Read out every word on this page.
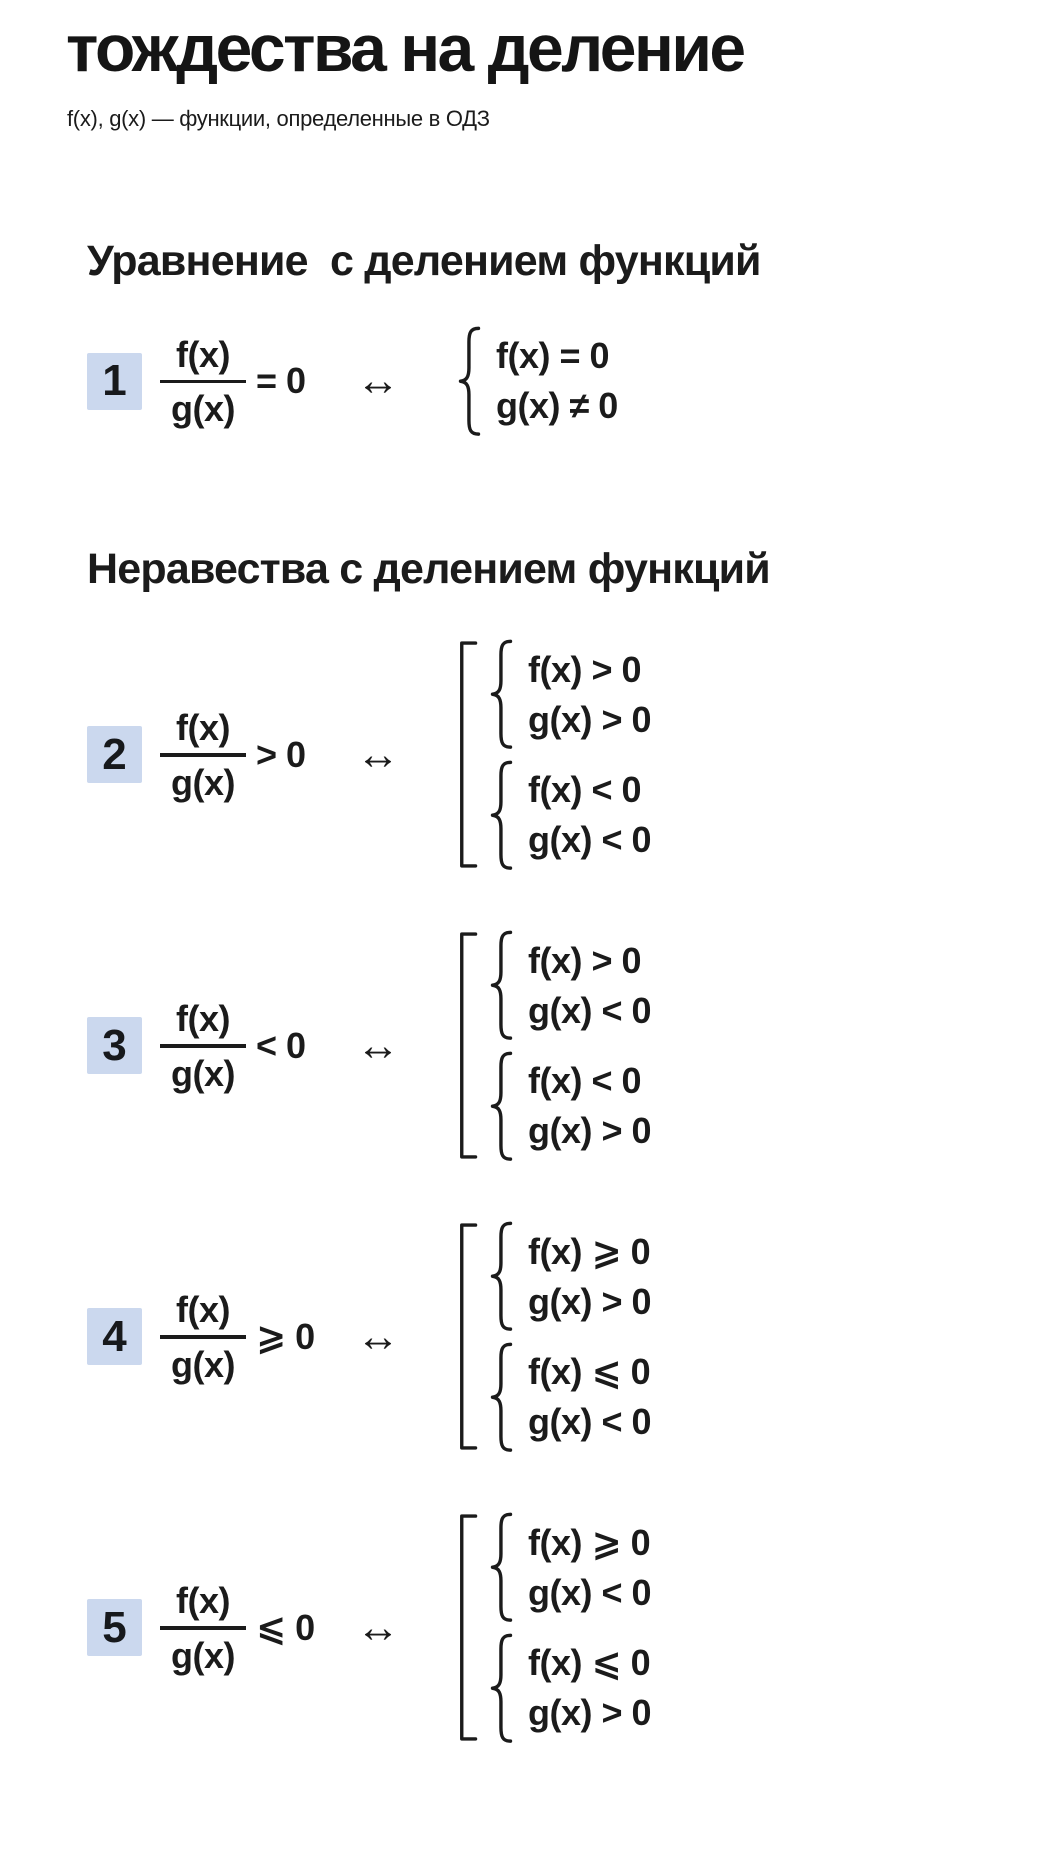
тождества на деление

f(x), g(x) — функции, определенные в ОДЗ

Уравнение  с делением функций
$1 \frac{f(x)}{g(x)} = 0$	↔
f(x) = 0
g(x) ≠ 0
Неравества с делением функций
$2 \frac{f(x)}{g(x)} > 0$	↔
f(x) > 0
g(x) > 0
f(x) < 0
g(x) < 0
$3 \frac{f(x)}{g(x)} < 0$	↔
f(x) > 0
g(x) < 0
f(x) < 0
g(x) > 0
$4 \frac{f(x)}{g(x)}$ ⩾ 0 ↔
f(x) ⩾ 0
g(x) > 0
f(x) ⩽ 0
g(x) < 0
$5 \frac{f(x)}{g(x)}$ ⩽ 0 ↔
f(x) ⩾ 0
g(x) < 0
f(x) ⩽ 0
g(x) > 0
